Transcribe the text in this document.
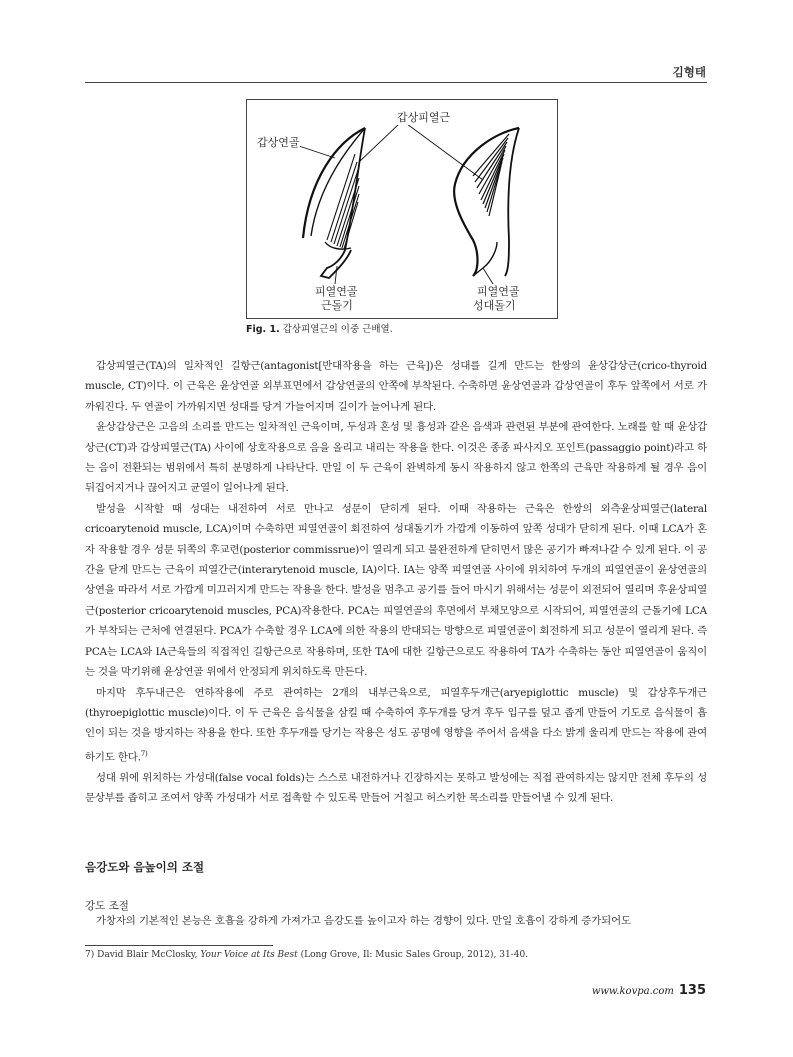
김형태
갑상피열근
갑상연골
피열연골
근돌기
피열연골
성대돌기
Fig. 1. 갑상피열근의 이중 근배열.

갑상피열근(TA)의 일차적인 길항근(antagonist[반대작용을 하는 근육])은 성대를 길게 만드는 한쌍의 윤상갑상근(crico-thyroid muscle, CT)이다. 이 근육은 윤상연골 외부표면에서 갑상연골의 안쪽에 부착된다. 수축하면 윤상연골과 갑상연골이 후두 앞쪽에서 서로 가까워진다. 두 연골이 가까워지면 성대를 당겨 가늘어지며 길이가 늘어나게 된다.

윤상갑상근은 고음의 소리를 만드는 일차적인 근육이며, 두성과 혼성 및 흉성과 같은 음색과 관련된 부분에 관여한다. 노래를 할 때 윤상갑상근(CT)과 갑상피열근(TA) 사이에 상호작용으로 음을 올리고 내리는 작용을 한다. 이것은 종종 파사지오 포인트(passaggio point)라고 하는 음이 전환되는 범위에서 특히 분명하게 나타난다. 만일 이 두 근육이 완벽하게 동시 작용하지 않고 한쪽의 근육만 작용하게 될 경우 음이 뒤집어지거나 끊어지고 균열이 일어나게 된다.

발성을 시작할 때 성대는 내전하여 서로 만나고 성문이 닫히게 된다. 이때 작용하는 근육은 한쌍의 외측윤상피열근(lateral cricoarytenoid muscle, LCA)이며 수축하면 피열연골이 회전하여 성대돌기가 가깝게 이동하여 앞쪽 성대가 닫히게 된다. 이때 LCA가 혼자 작용할 경우 성문 뒤쪽의 후교련(posterior commissrue)이 열리게 되고 불완전하게 닫히면서 많은 공기가 빠져나갈 수 있게 된다. 이 공간을 닫게 만드는 근육이 피열간근(interarytenoid muscle, IA)이다. IA는 양쪽 피열연골 사이에 위치하여 두개의 피열연골이 윤상연골의 상연을 따라서 서로 가깝게 미끄러지게 만드는 작용을 한다. 발성을 멈추고 공기를 들어 마시기 위해서는 성문이 외전되어 열리며 후윤상피열근(posterior cricoarytenoid muscles, PCA)작용한다. PCA는 피열연골의 후면에서 부채모양으로 시작되어, 피열연골의 근돌기에 LCA가 부착되는 근처에 연결된다. PCA가 수축할 경우 LCA에 의한 작용의 반대되는 방향으로 피열연골이 회전하게 되고 성문이 열리게 된다. 즉 PCA는 LCA와 IA근육들의 직접적인 길항근으로 작용하며, 또한 TA에 대한 길항근으로도 작용하여 TA가 수축하는 동안 피열연골이 움직이는 것을 막기위해 윤상연골 위에서 안정되게 위치하도록 만든다.

마지막 후두내근은 연하작용에 주로 관여하는 2개의 내부근육으로, 피열후두개근(aryepiglottic muscle) 및 갑상후두개근(thyroepiglottic muscle)이다. 이 두 근육은 음식물을 삼킬 때 수축하여 후두개를 당겨 후두 입구를 덮고 좁게 만들어 기도로 음식물이 흡인이 되는 것을 방지하는 작용을 한다. 또한 후두개를 당기는 작용은 성도 공명에 영향을 주어서 음색을 다소 밝게 울리게 만드는 작용에 관여하기도 한다.$^{7)}$

성대 위에 위치하는 가성대(false vocal folds)는 스스로 내전하거나 긴장하지는 못하고 발성에는 직접 관여하지는 않지만 전체 후두의 성문상부를 좁히고 조여서 양쪽 가성대가 서로 접촉할 수 있도록 만들어 거칠고 허스키한 목소리를 만들어낼 수 있게 된다.

음강도와 음높이의 조절
강도 조절

가창자의 기본적인 본능은 호흡을 강하게 가져가고 음강도를 높이고자 하는 경향이 있다. 만일 호흡이 강하게 증가되어도

7) David Blair McClosky, Your Voice at Its Best (Long Grove, Il: Music Sales Group, 2012), 31-40.
www.kovpa.com 135
